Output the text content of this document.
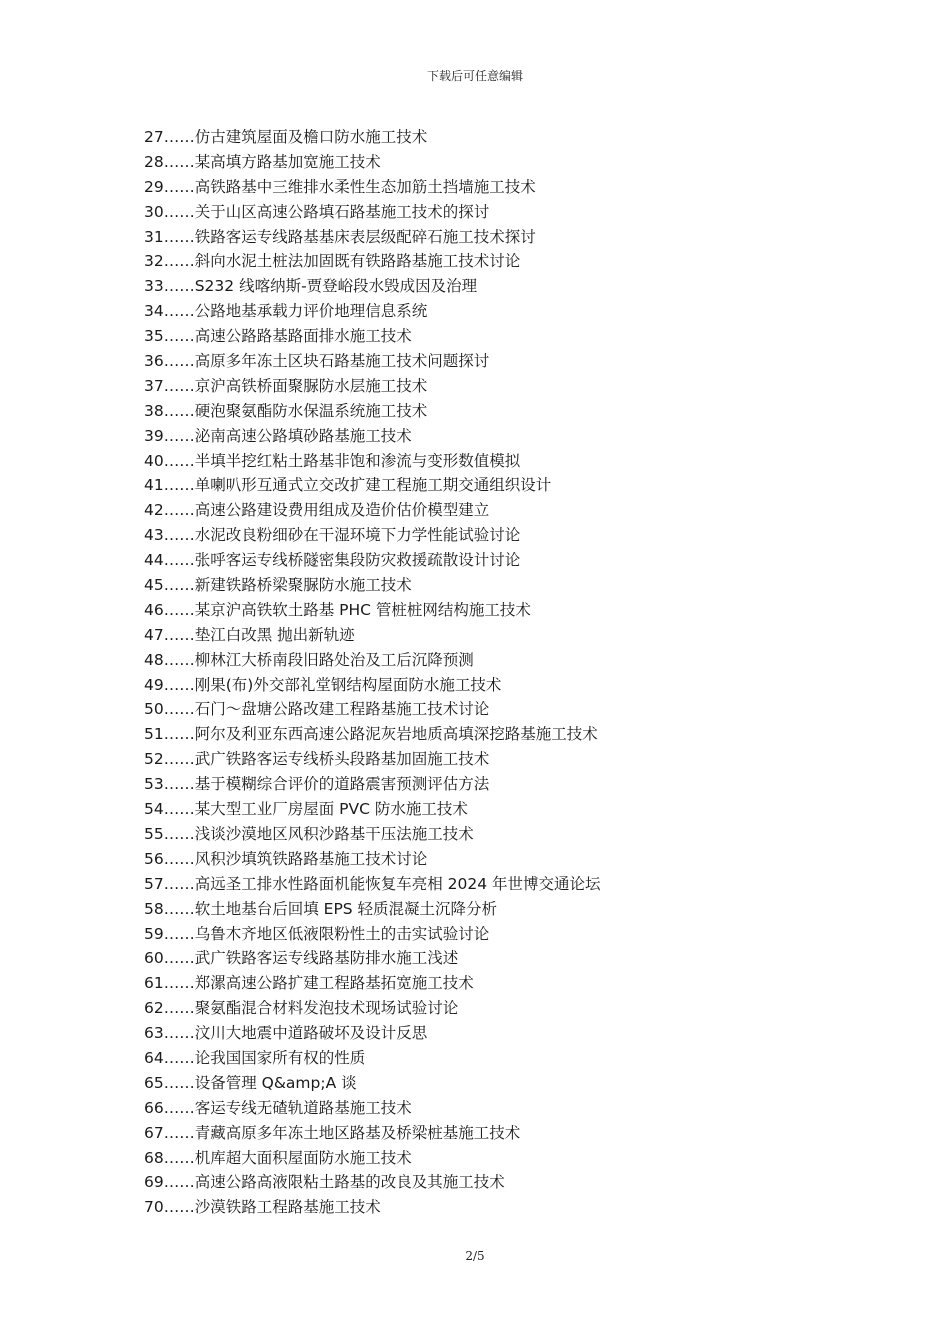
下载后可任意编辑
27……仿古建筑屋面及檐口防水施工技术
28……某高填方路基加宽施工技术
29……高铁路基中三维排水柔性生态加筋土挡墙施工技术
30……关于山区高速公路填石路基施工技术的探讨
31……铁路客运专线路基基床表层级配碎石施工技术探讨
32……斜向水泥土桩法加固既有铁路路基施工技术讨论
33……S232 线喀纳斯-贾登峪段水毁成因及治理
34……公路地基承载力评价地理信息系统
35……高速公路路基路面排水施工技术
36……高原多年冻土区块石路基施工技术问题探讨
37……京沪高铁桥面聚脲防水层施工技术
38……硬泡聚氨酯防水保温系统施工技术
39……泌南高速公路填砂路基施工技术
40……半填半挖红粘土路基非饱和渗流与变形数值模拟
41……单喇叭形互通式立交改扩建工程施工期交通组织设计
42……高速公路建设费用组成及造价估价模型建立
43……水泥改良粉细砂在干湿环境下力学性能试验讨论
44……张呼客运专线桥隧密集段防灾救援疏散设计讨论
45……新建铁路桥梁聚脲防水施工技术
46……某京沪高铁软土路基 PHC 管桩桩网结构施工技术
47……垫江白改黑 抛出新轨迹
48……柳林江大桥南段旧路处治及工后沉降预测
49……刚果(布)外交部礼堂钢结构屋面防水施工技术
50……石门～盘塘公路改建工程路基施工技术讨论
51……阿尔及利亚东西高速公路泥灰岩地质高填深挖路基施工技术
52……武广铁路客运专线桥头段路基加固施工技术
53……基于模糊综合评价的道路震害预测评估方法
54……某大型工业厂房屋面 PVC 防水施工技术
55……浅谈沙漠地区风积沙路基干压法施工技术
56……风积沙填筑铁路路基施工技术讨论
57……高远圣工排水性路面机能恢复车亮相 2024 年世博交通论坛
58……软土地基台后回填 EPS 轻质混凝土沉降分析
59……乌鲁木齐地区低液限粉性土的击实试验讨论
60……武广铁路客运专线路基防排水施工浅述
61……郑漯高速公路扩建工程路基拓宽施工技术
62……聚氨酯混合材料发泡技术现场试验讨论
63……汶川大地震中道路破坏及设计反思
64……论我国国家所有权的性质
65……设备管理 Q&amp;A 谈
66……客运专线无碴轨道路基施工技术
67……青藏高原多年冻土地区路基及桥梁桩基施工技术
68……机库超大面积屋面防水施工技术
69……高速公路高液限粘土路基的改良及其施工技术
70……沙漠铁路工程路基施工技术
2/5
